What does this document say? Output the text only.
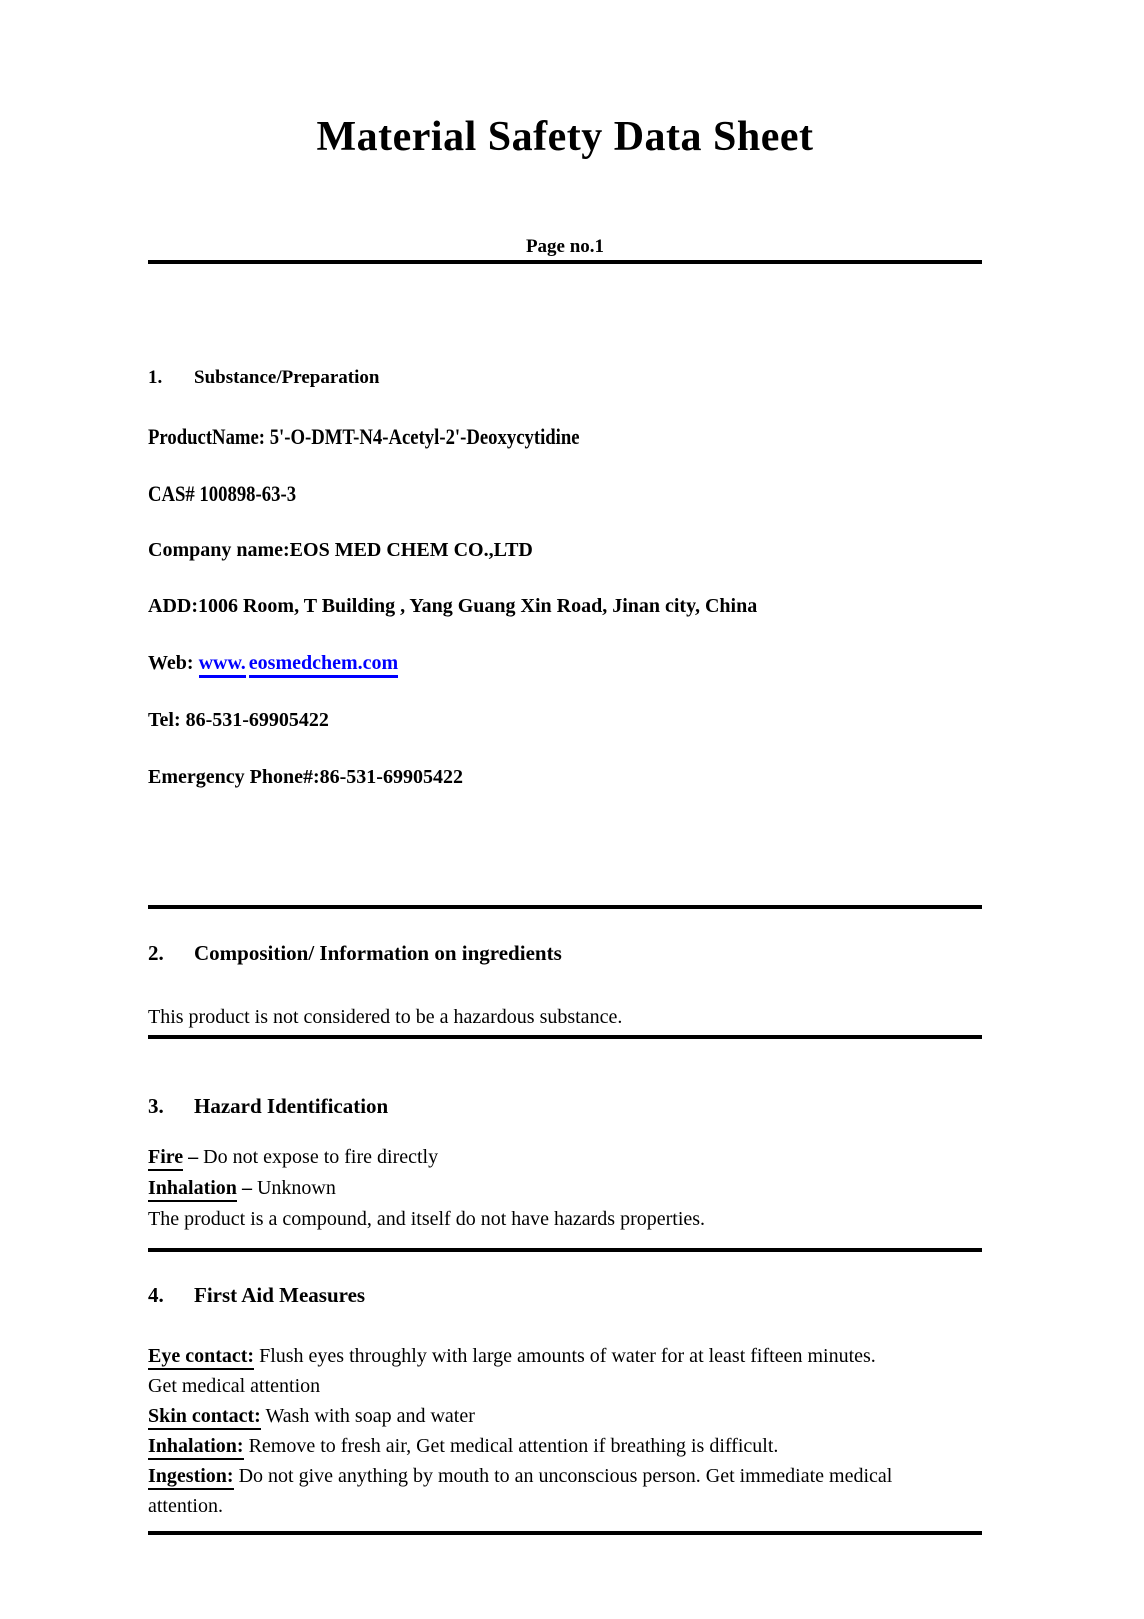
Material Safety Data Sheet
Page no.1
1. Substance/Preparation
ProductName: 5'-O-DMT-N4-Acetyl-2'-Deoxycytidine
CAS# 100898-63-3
Company name:EOS MED CHEM CO.,LTD
ADD:1006 Room, T Building , Yang Guang Xin Road, Jinan city, China
Web: www. eosmedchem.com
Tel: 86-531-69905422
Emergency Phone#:86-531-69905422
2. Composition/ Information on ingredients
This product is not considered to be a hazardous substance.
3. Hazard Identification
Fire – Do not expose to fire directly
Inhalation – Unknown
The product is a compound, and itself do not have hazards properties.
4. First Aid Measures
Eye contact: Flush eyes throughly with large amounts of water for at least fifteen minutes.
Get medical attention
Skin contact: Wash with soap and water
Inhalation: Remove to fresh air, Get medical attention if breathing is difficult.
Ingestion: Do not give anything by mouth to an unconscious person. Get immediate medical
attention.
